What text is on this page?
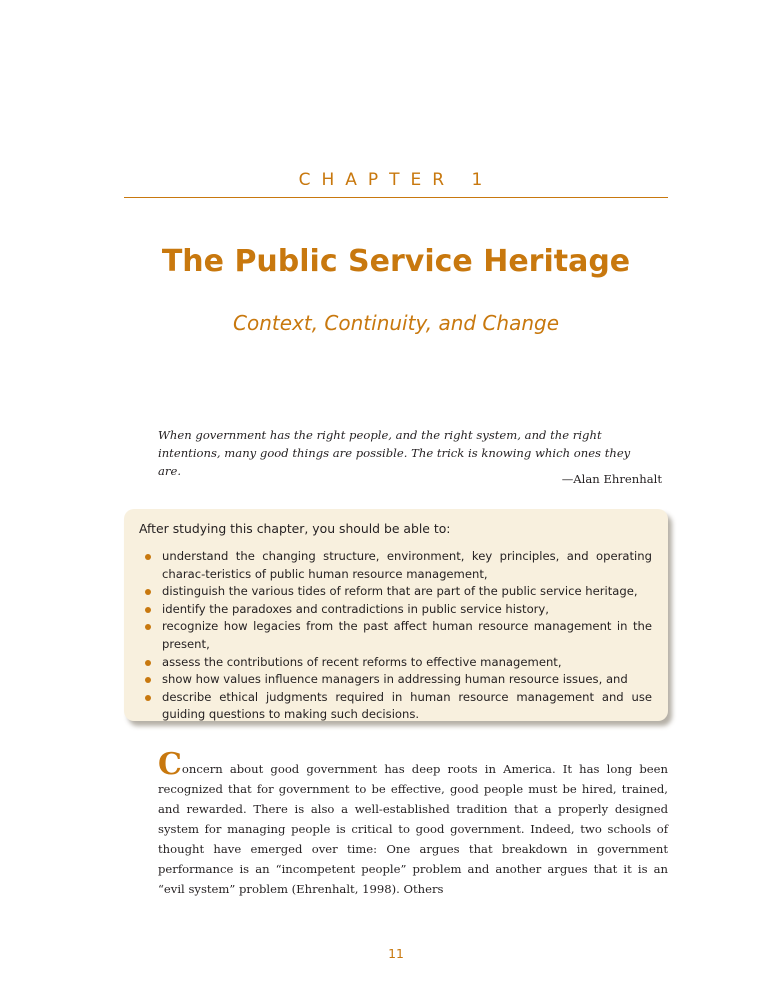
CHAPTER 1
The Public Service Heritage
Context, Continuity, and Change
When government has the right people, and the right system, and the right intentions, many good things are possible. The trick is knowing which ones they are.
—Alan Ehrenhalt

After studying this chapter, you should be able to:

understand the changing structure, environment, key principles, and operating charac-teristics of public human resource management,
distinguish the various tides of reform that are part of the public service heritage,
identify the paradoxes and contradictions in public service history,
recognize how legacies from the past affect human resource management in the present,
assess the contributions of recent reforms to effective management,
show how values influence managers in addressing human resource issues, and
describe ethical judgments required in human resource management and use guiding questions to making such decisions.
Concern about good government has deep roots in America. It has long been recognized that for government to be effective, good people must be hired, trained, and rewarded. There is also a well-established tradition that a properly designed system for managing people is critical to good government. Indeed, two schools of thought have emerged over time: One argues that breakdown in government performance is an “incompetent people” problem and another argues that it is an “evil system” problem (Ehrenhalt, 1998). Others
11
